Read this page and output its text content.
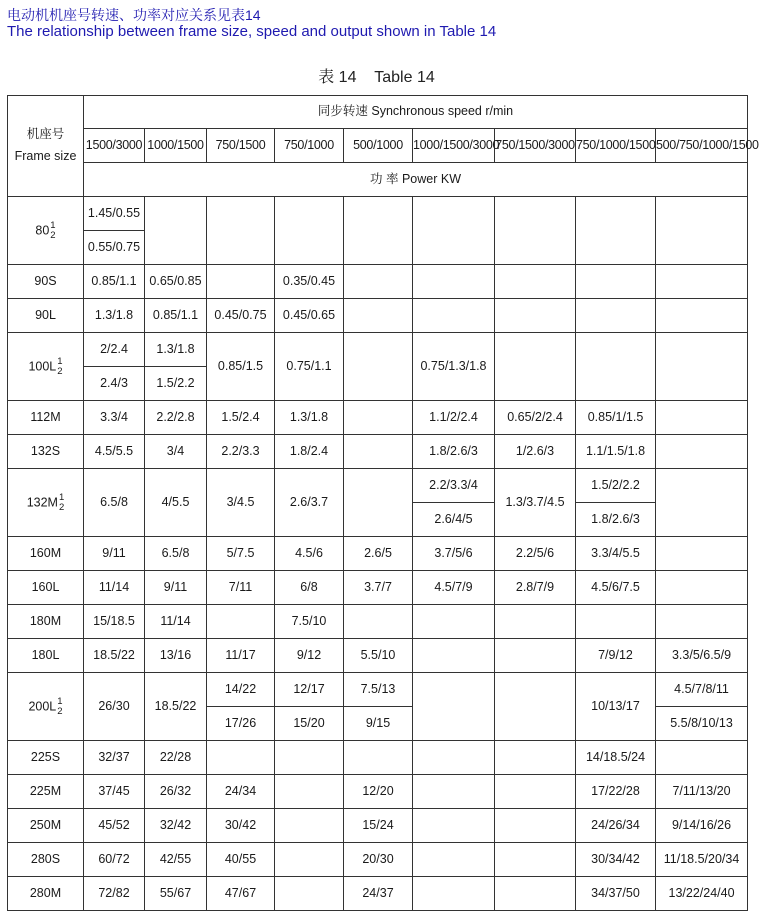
电动机机座号转速、功率对应关系见表14
The relationship between frame size, speed and output shown in Table 14
表 14    Table 14
机座号
Frame size	同步转速 Synchronous speed r/min								
	1500/3000	1000/1500	750/1500	750/1000	500/1000	1000/1500/3000	750/1500/3000	750/1000/1500	500/750/1000/1500
	功 率 Power KW								
80 1
2	1.45/0.55								
	0.55/0.75								
90S	0.85/1.1	0.65/0.85		0.35/0.45					
90L	1.3/1.8	0.85/1.1	0.45/0.75	0.45/0.65					
100L 1
2	2/2.4	1.3/1.8	0.85/1.5	0.75/1.1		0.75/1.3/1.8			
	2.4/3	1.5/2.2							
112M	3.3/4	2.2/2.8	1.5/2.4	1.3/1.8		1.1/2/2.4	0.65/2/2.4	0.85/1/1.5	
132S	4.5/5.5	3/4	2.2/3.3	1.8/2.4		1.8/2.6/3	1/2.6/3	1.1/1.5/1.8	
132M 1
2	6.5/8	4/5.5	3/4.5	2.6/3.7		2.2/3.3/4	1.3/3.7/4.5	1.5/2/2.2	
						2.6/4/5		1.8/2.6/3	
160M	9/11	6.5/8	5/7.5	4.5/6	2.6/5	3.7/5/6	2.2/5/6	3.3/4/5.5	
160L	11/14	9/11	7/11	6/8	3.7/7	4.5/7/9	2.8/7/9	4.5/6/7.5	
180M	15/18.5	11/14		7.5/10					
180L	18.5/22	13/16	11/17	9/12	5.5/10			7/9/12	3.3/5/6.5/9
200L 1
2	26/30	18.5/22	14/22	12/17	7.5/13			10/13/17	4.5/7/8/11
			17/26	15/20	9/15				5.5/8/10/13
225S	32/37	22/28						14/18.5/24	
225M	37/45	26/32	24/34		12/20			17/22/28	7/11/13/20
250M	45/52	32/42	30/42		15/24			24/26/34	9/14/16/26
280S	60/72	42/55	40/55		20/30			30/34/42	11/18.5/20/34
280M	72/82	55/67	47/67		24/37			34/37/50	13/22/24/40
